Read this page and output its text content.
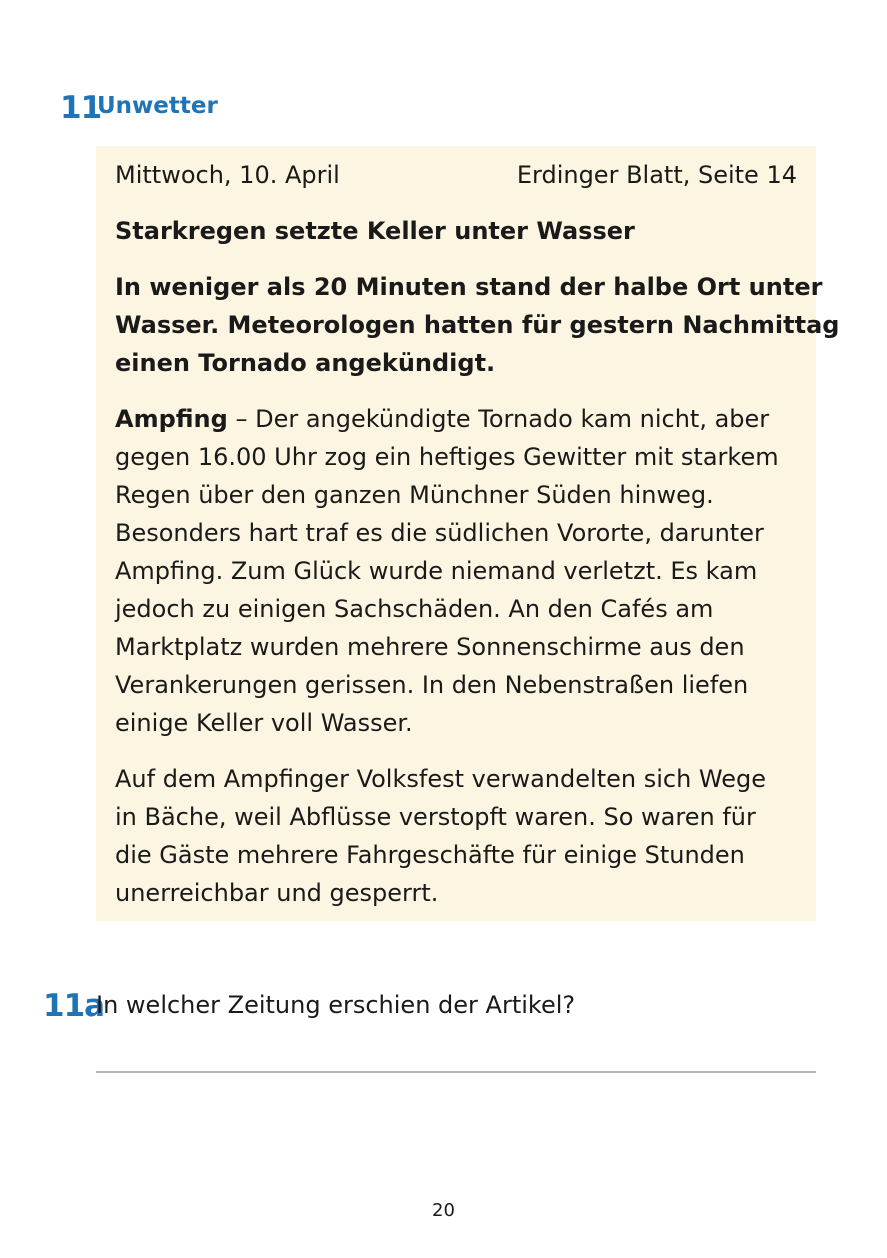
11
Unwetter
Mittwoch, 10. April	Erdinger Blatt, Seite 14
Starkregen setzte Keller unter Wasser
In weniger als 20 Minuten stand der halbe Ort unter
Wasser. Meteorologen hatten für gestern Nachmittag
einen Tornado angekündigt.
Ampfing – Der angekündigte Tornado kam nicht, aber
gegen 16.00 Uhr zog ein heftiges Gewitter mit starkem
Regen über den ganzen Münchner Süden hinweg.
Besonders hart traf es die südlichen Vororte, darunter
Ampfing. Zum Glück wurde niemand verletzt. Es kam
jedoch zu einigen Sachschäden. An den Cafés am
Marktplatz wurden mehrere Sonnenschirme aus den
Verankerungen gerissen. In den Nebenstraßen liefen
einige Keller voll Wasser.
Auf dem Ampfinger Volksfest verwandelten sich Wege
in Bäche, weil Abflüsse verstopft waren. So waren für
die Gäste mehrere Fahrgeschäfte für einige Stunden
unerreichbar und gesperrt.
11a
In welcher Zeitung erschien der Artikel?
20
